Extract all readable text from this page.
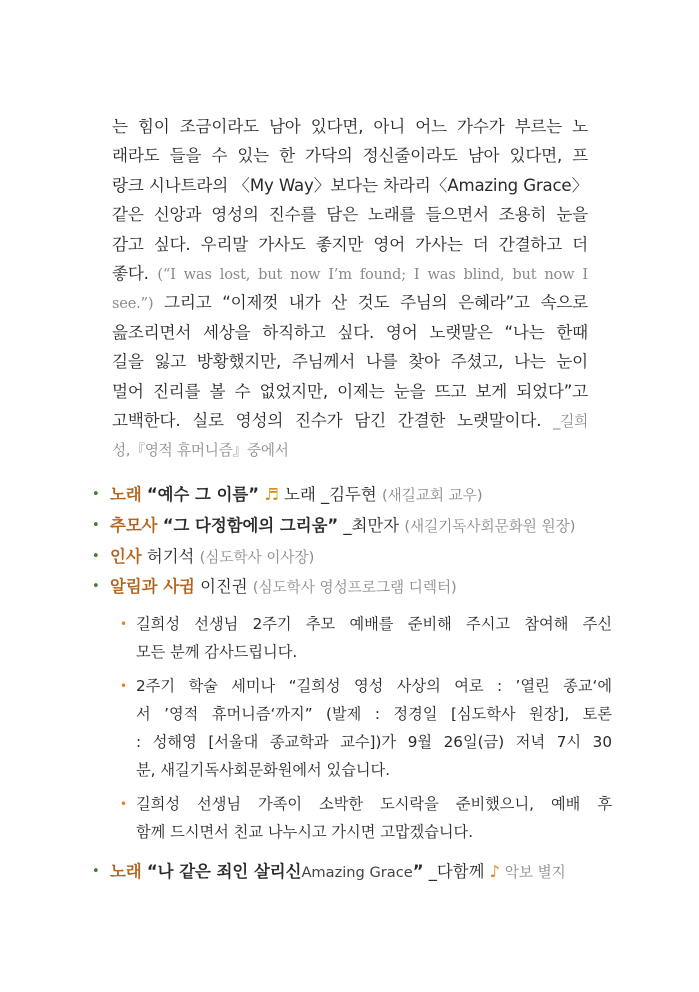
는 힘이 조금이라도 남아 있다면, 아니 어느 가수가 부르는 노
래라도 들을 수 있는 한 가닥의 정신줄이라도 남아 있다면, 프
랑크 시나트라의 〈My Way〉보다는 차라리〈Amazing Grace〉
같은 신앙과 영성의 진수를 담은 노래를 들으면서 조용히 눈을
감고 싶다. 우리말 가사도 좋지만 영어 가사는 더 간결하고 더
좋다. (“I was lost, but now I’m found; I was blind, but now I
see.”) 그리고 “이제껏 내가 산 것도 주님의 은혜라”고 속으로
읊조리면서 세상을 하직하고 싶다. 영어 노랫말은 “나는 한때
길을 잃고 방황했지만, 주님께서 나를 찾아 주셨고, 나는 눈이
멀어 진리를 볼 수 없었지만, 이제는 눈을 뜨고 보게 되었다”고
고백한다. 실로 영성의 진수가 담긴 간결한 노랫말이다. _길희
성,『영적 휴머니즘』중에서
• 노래 “예수 그 이름” ♬ 노래 _김두현 (새길교회 교우)
• 추모사 “그 다정함에의 그리움” _최만자 (새길기독사회문화원 원장)
• 인사 허기석 (심도학사 이사장)
• 알림과 사귐 이진권 (심도학사 영성프로그램 디렉터)
• 길희성 선생님 2주기 추모 예배를 준비해 주시고 참여해 주신
모든 분께 감사드립니다.
• 2주기 학술 세미나 “길희성 영성 사상의 여로 : ’열린 종교‘에
서 ’영적 휴머니즘‘까지” (발제 : 정경일 [심도학사 원장], 토론
: 성해영 [서울대 종교학과 교수])가 9월 26일(금) 저녁 7시 30
분, 새길기독사회문화원에서 있습니다.
• 길희성 선생님 가족이 소박한 도시락을 준비했으니, 예배 후
함께 드시면서 친교 나누시고 가시면 고맙겠습니다.
• 노래 “나 같은 죄인 살리신Amazing Grace” _다함께 ♪ 악보 별지
